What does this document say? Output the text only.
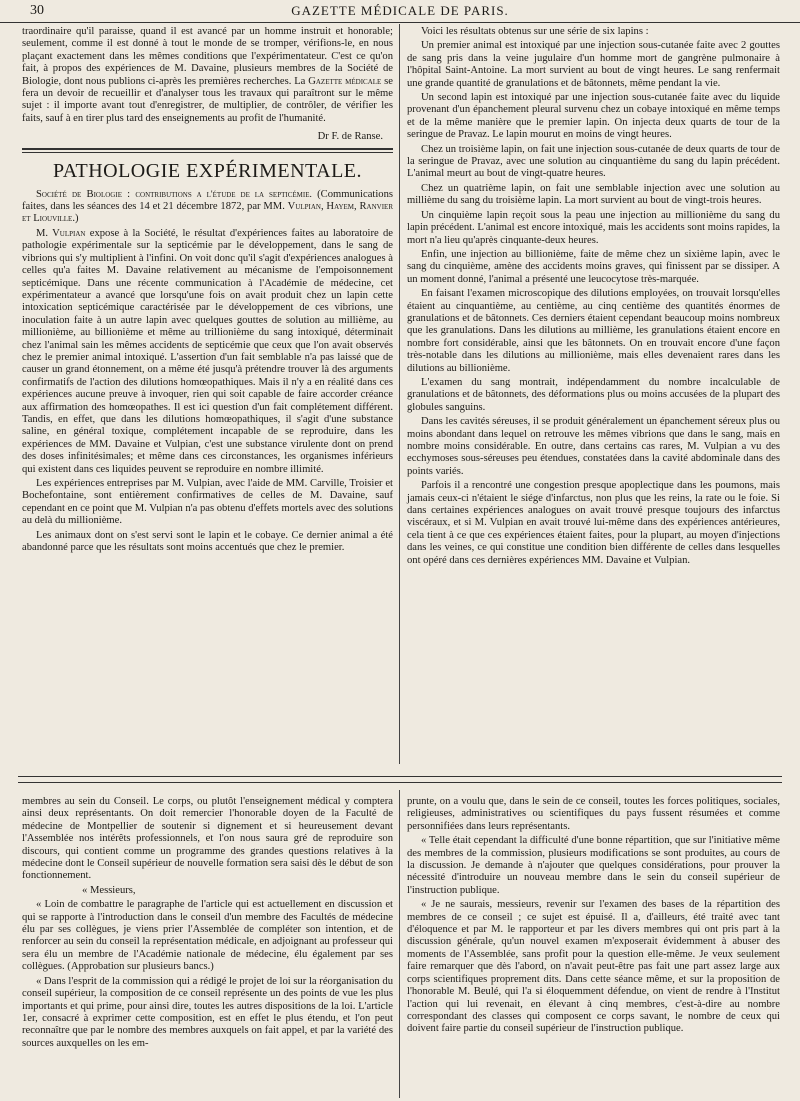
30	GAZETTE MÉDICALE DE PARIS.

traordinaire qu'il paraisse, quand il est avancé par un homme instruit et honorable; seulement, comme il est donné à tout le monde de se tromper, vérifions-le, en nous plaçant exactement dans les mêmes conditions que l'expérimentateur. C'est ce qu'on fait, à propos des expériences de M. Davaine, plusieurs membres de la Société de Biologie, dont nous publions ci-après les premières recherches. La Gazette médicale se fera un devoir de recueillir et d'analyser tous les travaux qui paraîtront sur le même sujet : il importe avant tout d'enregistrer, de multiplier, de contrôler, de vérifier les faits, sauf à en tirer plus tard des enseignements au profit de l'humanité.

Dr F. de Ranse.

PATHOLOGIE EXPÉRIMENTALE.

Société de Biologie : contributions a l'étude de la septicémie. (Communications faites, dans les séances des 14 et 21 décembre 1872, par MM. Vulpian, Hayem, Ranvier et Liouville.)

M. Vulpian expose à la Société, le résultat d'expériences faites au laboratoire de pathologie expérimentale sur la septicémie par le développement, dans le sang de vibrions qui s'y multiplient à l'infini. On voit donc qu'il s'agit d'expériences analogues à celles qu'a faites M. Davaine relativement au mécanisme de l'empoisonnement septicémique. Dans une récente communication à l'Académie de médecine, cet expérimentateur a avancé que lorsqu'une fois on avait produit chez un lapin cette intoxication septicémique caractérisée par le développement de ces vibrions, une inoculation faite à un autre lapin avec quelques gouttes de solution au millième, au millionième, au billionième et même au trillionième du sang intoxiqué, déterminait chez l'animal sain les mêmes accidents de septicémie que ceux que l'on avait observés chez le premier animal intoxiqué. L'assertion d'un fait semblable n'a pas laissé que de causer un grand étonnement, on a même été jusqu'à prétendre trouver là des arguments confirmatifs de l'action des dilutions homœopathiques. Mais il n'y a en réalité dans ces expériences aucune preuve à invoquer, rien qui soit capable de faire accorder créance aux affirmation des homœopathes. Il est ici question d'un fait complétement différent. Tandis, en effet, que dans les dilutions homœopathiques, il s'agit d'une substance saline, en général toxique, complétement incapable de se reproduire, dans les expériences de MM. Davaine et Vulpian, c'est une substance virulente dont on prend des doses infinitésimales; et même dans ces circonstances, les organismes inférieurs qui existent dans ces liquides peuvent se reproduire en nombre illimité.

Les expériences entreprises par M. Vulpian, avec l'aide de MM. Carville, Troisier et Bochefontaine, sont entièrement confirmatives de celles de M. Davaine, sauf cependant en ce point que M. Vulpian n'a pas obtenu d'effets mortels avec des solutions au delà du millionième.

Les animaux dont on s'est servi sont le lapin et le cobaye. Ce dernier animal a été abandonné parce que les résultats sont moins accentués que chez le premier.

Voici les résultats obtenus sur une série de six lapins :

Un premier animal est intoxiqué par une injection sous-cutanée faite avec 2 gouttes de sang pris dans la veine jugulaire d'un homme mort de gangrène pulmonaire à l'hôpital Saint-Antoine. La mort survient au bout de vingt heures. Le sang renfermait une grande quantité de granulations et de bâtonnets, même pendant la vie.

Un second lapin est intoxiqué par une injection sous-cutanée faite avec du liquide provenant d'un épanchement pleural survenu chez un cobaye intoxiqué en même temps et de la même manière que le premier lapin. On injecta deux quarts de tour de la seringue de Pravaz. Le lapin mourut en moins de vingt heures.

Chez un troisième lapin, on fait une injection sous-cutanée de deux quarts de tour de la seringue de Pravaz, avec une solution au cinquantième du sang du lapin précédent. L'animal meurt au bout de vingt-quatre heures.

Chez un quatrième lapin, on fait une semblable injection avec une solution au millième du sang du troisième lapin. La mort survient au bout de vingt-trois heures.

Un cinquième lapin reçoit sous la peau une injection au millionième du sang du lapin précédent. L'animal est encore intoxiqué, mais les accidents sont moins rapides, la mort n'a lieu qu'après cinquante-deux heures.

Enfin, une injection au billionième, faite de même chez un sixième lapin, avec le sang du cinquième, amène des accidents moins graves, qui finissent par se dissiper. A un moment donné, l'animal a présenté une leucocytose très-marquée.

En faisant l'examen microscopique des dilutions employées, on trouvait lorsqu'elles étaient au cinquantième, au centième, au cinq centième des quantités énormes de granulations et de bâtonnets. Ces derniers étaient cependant beaucoup moins nombreux que les granulations. Dans les dilutions au millième, les granulations étaient encore en nombre fort considérable, ainsi que les bâtonnets. On en trouvait encore d'une façon très-notable dans les dilutions au millionième, mais elles devenaient rares dans les dilutions au billionième.

L'examen du sang montrait, indépendamment du nombre incalculable de granulations et de bâtonnets, des déformations plus ou moins accusées de la plupart des globules sanguins.

Dans les cavités séreuses, il se produit généralement un épanchement séreux plus ou moins abondant dans lequel on retrouve les mêmes vibrions que dans le sang, mais en nombre moins considérable. En outre, dans certains cas rares, M. Vulpian a vu des ecchymoses sous-séreuses peu étendues, constatées dans la cavité abdominale dans des points variés.

Parfois il a rencontré une congestion presque apoplectique dans les poumons, mais jamais ceux-ci n'étaient le siége d'infarctus, non plus que les reins, la rate ou le foie. Si dans certaines expériences analogues on avait trouvé presque toujours des infarctus viscéraux, et si M. Vulpian en avait trouvé lui-même dans des expériences antérieures, cela tient à ce que ces expériences étaient faites, pour la plupart, au moyen d'injections dans les veines, ce qui constitue une condition bien différente de celles dans lesquelles ont opéré dans ces dernières expériences MM. Davaine et Vulpian.

membres au sein du Conseil. Le corps, ou plutôt l'enseignement médical y comptera ainsi deux représentants. On doit remercier l'honorable doyen de la Faculté de médecine de Montpellier de soutenir si dignement et si heureusement devant l'Assemblée nos intérêts professionnels, et l'on nous saura gré de reproduire son discours, qui contient comme un programme des grandes questions relatives à la médecine dont le Conseil supérieur de nouvelle formation sera saisi dès le début de son fonctionnement.

« Messieurs,

« Loin de combattre le paragraphe de l'article qui est actuellement en discussion et qui se rapporte à l'introduction dans le conseil d'un membre des Facultés de médecine élu par ses collègues, je viens prier l'Assemblée de compléter son intention, et de renforcer au sein du conseil la représentation médicale, en adjoignant au professeur qui sera élu un membre de l'Académie nationale de médecine, élu également par ses collègues. (Approbation sur plusieurs bancs.)

« Dans l'esprit de la commission qui a rédigé le projet de loi sur la réorganisation du conseil supérieur, la composition de ce conseil représente un des points de vue les plus importants et qui prime, pour ainsi dire, toutes les autres dispositions de la loi. L'article 1er, consacré à exprimer cette composition, est en effet le plus étendu, et l'on peut reconnaître que par le nombre des membres auxquels on fait appel, et par la variété des sources auxquelles on les em-

prunte, on a voulu que, dans le sein de ce conseil, toutes les forces politiques, sociales, religieuses, administratives ou scientifiques du pays fussent résumées et comme personnifiées dans leurs représentants.

« Telle était cependant la difficulté d'une bonne répartition, que sur l'initiative même des membres de la commission, plusieurs modifications se sont produites, au cours de la discussion. Je demande à n'ajouter que quelques considérations, pour prouver la nécessité d'introduire un nouveau membre dans le sein du conseil supérieur de l'instruction publique.

« Je ne saurais, messieurs, revenir sur l'examen des bases de la répartition des membres de ce conseil ; ce sujet est épuisé. Il a, d'ailleurs, été traité avec tant d'éloquence et par M. le rapporteur et par les divers membres qui ont pris part à la discussion générale, qu'un nouvel examen m'exposerait évidemment à abuser des moments de l'Assemblée, sans profit pour la question elle-même. Je veux seulement faire remarquer que dès l'abord, on n'avait peut-être pas fait une part assez large aux corps scientifiques proprement dits. Dans cette séance même, et sur la proposition de l'honorable M. Beulé, qui l'a si éloquemment défendue, on vient de rendre à l'Institut l'action qui lui revenait, en élevant à cinq membres, c'est-à-dire au nombre correspondant des classes qui composent ce corps savant, le nombre de ceux qui doivent faire partie du conseil supérieur de l'instruction publique.
